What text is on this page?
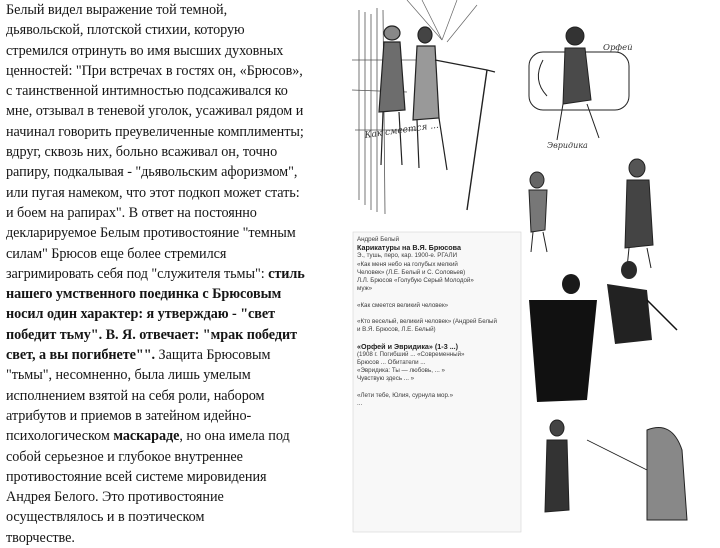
Белый видел выражение той темной,
дьявольской, плотской стихии, которую
стремился отринуть во имя высших духовных
ценностей: "При встречах в гостях он, «Брюсов»,
с таинственной интимностью подсаживался ко
мне, отзывал в теневой уголок, усаживал рядом и
начинал говорить преувеличенные комплименты;
вдруг, сквозь них, больно всаживал он, точно
рапиру, подкалывая - "дьявольским афоризмом",
или пугая намеком, что этот подкоп может стать:
и боем на рапирах". В ответ на постоянно
декларируемое Белым противостояние "темным
силам" Брюсов еще более стремился
загримировать себя под "служителя тьмы": стиль
нашего умственного поединка с Брюсовым
носил один характер: я утверждаю - "свет
победит тьму". В. Я. отвечает: "мрак победит
свет, а вы погибнете"". Защита Брюсовым
"тьмы", несомненно, была лишь умелым
исполнением взятой на себя роли, набором
атрибутов и приемов в затейном идейно-
психологическом маскараде, но она имела под
собой серьезное и глубокое внутреннее
противостояние всей системе мировидения
Андрея Белого. Это противостояние
осуществлялось и в поэтическом
творчестве.
Как смеется ...
Орфей
Эвридика
Андрей Белый
Карикатуры на В.Я. Брюсова
Э., тушь, перо, кар. 1900-е. РГАЛИ
«Как меня небо на голубых мелкий
Человек» (Л.Е. Белый и С. Соловьев)
Л.Л. Брюсов «Голубую Серый Молодой»
муж»

«Как смеется великий человек»

«Кто веселый, великий человек» (Андрей Белый
и В.Я. Брюсов, Л.Е. Белый)

«Орфей и Эвридика» (1-3 ...)
(1908 г. Погибший ... «Современный»
Брюсов ... Обитатели ...
«Эвридика: Ты — любовь, ... »
Чувствую здесь ... »

«Лети тебе, Юлия, сурнула мор.»
...
